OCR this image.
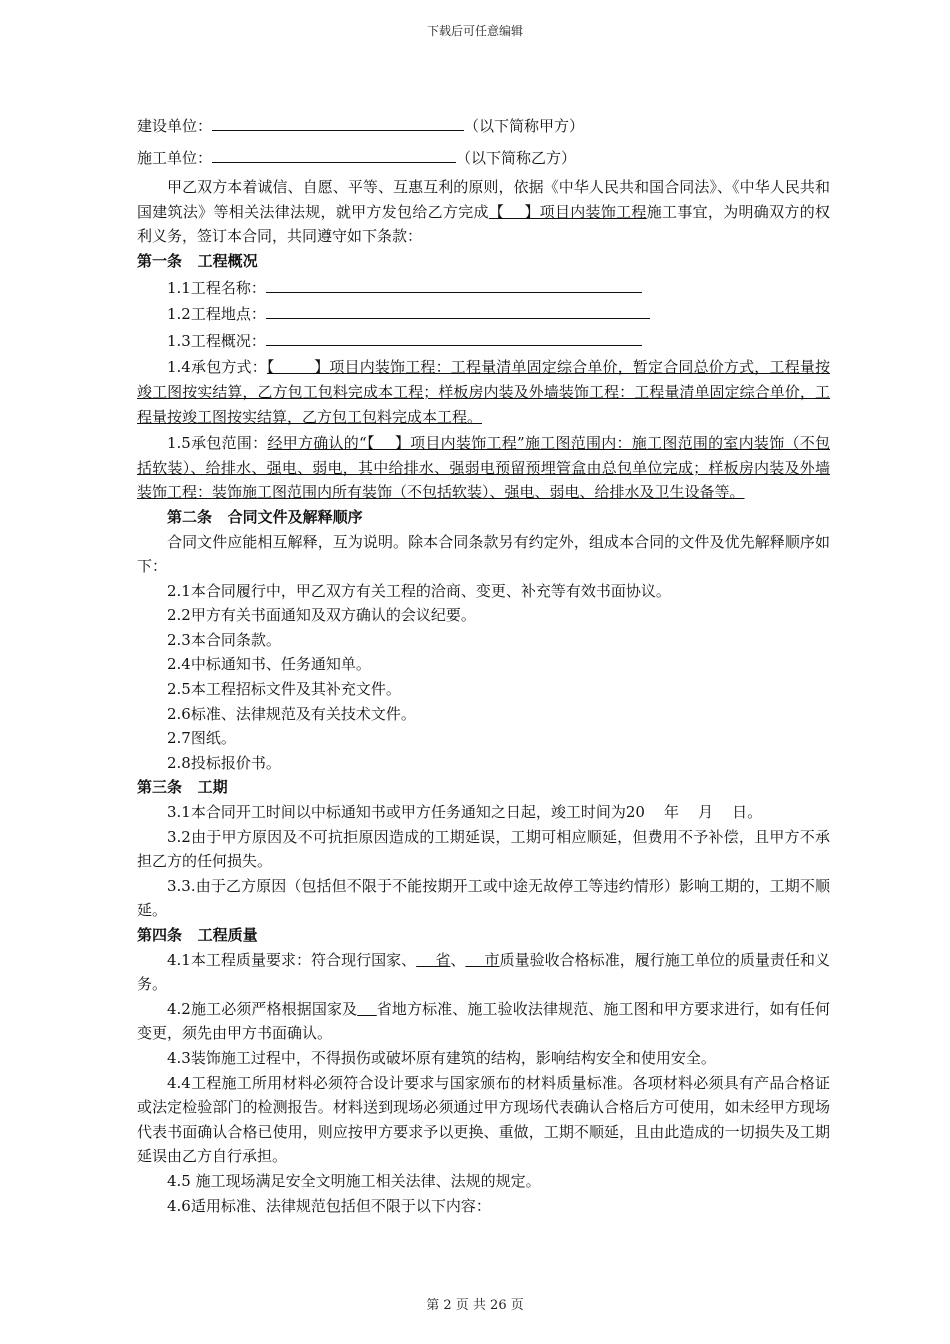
下载后可任意编辑

建设单位：	（以下简称甲方）

施工单位：	（以下简称乙方）

甲乙双方本着诚信、自愿、平等、互惠互利的原则，依据《中华人民共和国合同法》、《中华人民共和国建筑法》等相关法律法规，就甲方发包给乙方完成【    】项目内装饰工程施工事宜，为明确双方的权利义务，签订本合同，共同遵守如下条款：

第一条   工程概况

1.1工程名称：

1.2工程地点：

1.3工程概况：

1.4承包方式：【        】项目内装饰工程：工程量清单固定综合单价，暂定合同总价方式，工程量按竣工图按实结算，乙方包工包料完成本工程；样板房内装及外墙装饰工程：工程量清单固定综合单价，工程量按竣工图按实结算，乙方包工包料完成本工程。

1.5承包范围：经甲方确认的“【    】项目内装饰工程”施工图范围内：施工图范围的室内装饰（不包括软装）、给排水、强电、弱电，其中给排水、强弱电预留预埋管盒由总包单位完成；样板房内装及外墙装饰工程：装饰施工图范围内所有装饰（不包括软装）、强电、弱电、给排水及卫生设备等。

第二条   合同文件及解释顺序

合同文件应能相互解释，互为说明。除本合同条款另有约定外，组成本合同的文件及优先解释顺序如下：

2.1本合同履行中，甲乙双方有关工程的洽商、变更、补充等有效书面协议。

2.2甲方有关书面通知及双方确认的会议纪要。

2.3本合同条款。

2.4中标通知书、任务通知单。

2.5本工程招标文件及其补充文件。

2.6标准、法律规范及有关技术文件。

2.7图纸。

2.8投标报价书。

第三条   工期

3.1本合同开工时间以中标通知书或甲方任务通知之日起，竣工时间为20    年    月    日。

3.2由于甲方原因及不可抗拒原因造成的工期延误，工期可相应顺延，但费用不予补偿，且甲方不承担乙方的任何损失。

3.3.由于乙方原因（包括但不限于不能按期开工或中途无故停工等违约情形）影响工期的，工期不顺延。

第四条   工程质量

4.1本工程质量要求：符合现行国家、    省、    市质量验收合格标准，履行施工单位的质量责任和义务。

4.2施工必须严格根据国家及 省地方标准、施工验收法律规范、施工图和甲方要求进行，如有任何变更，须先由甲方书面确认。

4.3装饰施工过程中，不得损伤或破坏原有建筑的结构，影响结构安全和使用安全。

4.4工程施工所用材料必须符合设计要求与国家颁布的材料质量标准。各项材料必须具有产品合格证或法定检验部门的检测报告。材料送到现场必须通过甲方现场代表确认合格后方可使用，如未经甲方现场代表书面确认合格已使用，则应按甲方要求予以更换、重做，工期不顺延，且由此造成的一切损失及工期延误由乙方自行承担。

4.5 施工现场满足安全文明施工相关法律、法规的规定。

4.6适用标准、法律规范包括但不限于以下内容：

第 2 页 共 26 页
